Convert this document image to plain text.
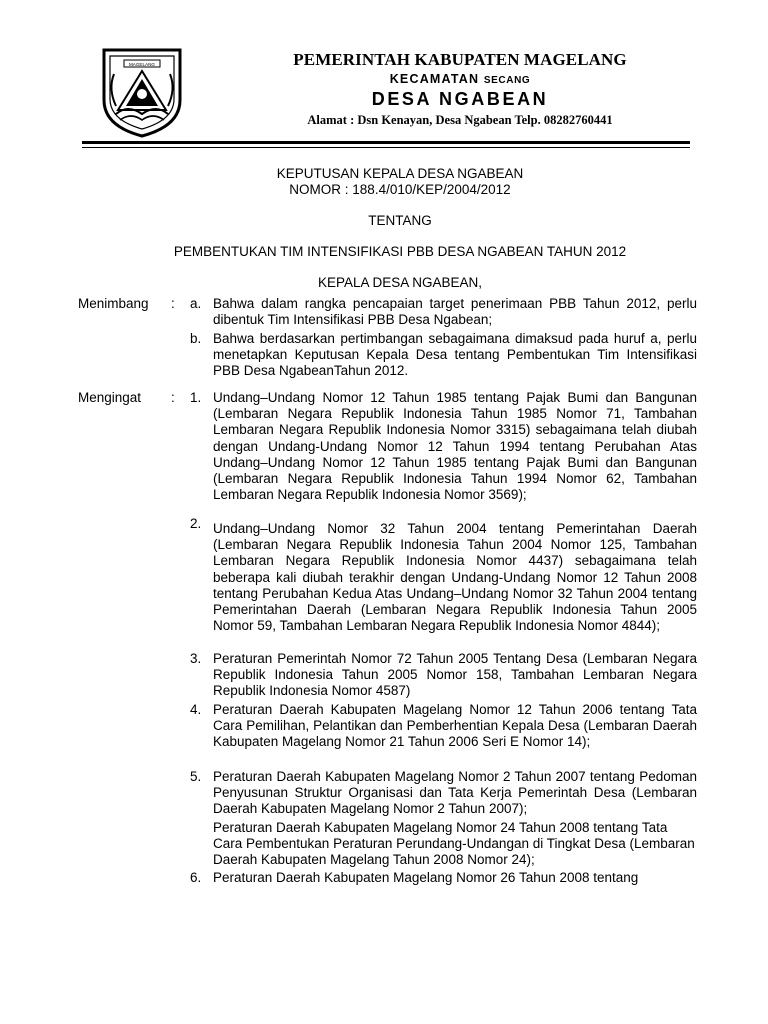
MAGELANG	PEMERINTAH KABUPATEN MAGELANG
KECAMATAN SECANG
DESA NGABEAN
Alamat : Dsn Kenayan, Desa Ngabean Telp. 08282760441
KEPUTUSAN KEPALA DESA NGABEAN
NOMOR : 188.4/010/KEP/2004/2012
TENTANG
PEMBENTUKAN TIM INTENSIFIKASI PBB DESA NGABEAN TAHUN 2012
KEPALA DESA NGABEAN,
Menimbang : a. Bahwa dalam rangka pencapaian target penerimaan PBB Tahun 2012, perlu dibentuk Tim Intensifikasi PBB Desa Ngabean;

b. Bahwa berdasarkan pertimbangan sebagaimana dimaksud pada huruf a, perlu menetapkan Keputusan Kepala Desa tentang Pembentukan Tim Intensifikasi PBB Desa NgabeanTahun 2012.

Mengingat : 1. Undang–Undang Nomor 12 Tahun 1985 tentang Pajak Bumi dan Bangunan (Lembaran Negara Republik Indonesia Tahun 1985 Nomor 71, Tambahan Lembaran Negara Republik Indonesia Nomor 3315) sebagaimana telah diubah dengan Undang-Undang Nomor 12 Tahun 1994 tentang Perubahan Atas Undang–Undang Nomor 12 Tahun 1985 tentang Pajak Bumi dan Bangunan (Lembaran Negara Republik Indonesia Tahun 1994 Nomor 62, Tambahan Lembaran Negara Republik Indonesia Nomor 3569);

2. Undang–Undang Nomor 32 Tahun 2004 tentang Pemerintahan Daerah (Lembaran Negara Republik Indonesia Tahun 2004 Nomor 125, Tambahan Lembaran Negara Republik Indonesia Nomor 4437) sebagaimana telah beberapa kali diubah terakhir dengan Undang-Undang Nomor 12 Tahun 2008 tentang Perubahan Kedua Atas Undang–Undang Nomor 32 Tahun 2004 tentang Pemerintahan Daerah (Lembaran Negara Republik Indonesia Tahun 2005 Nomor 59, Tambahan Lembaran Negara Republik Indonesia Nomor 4844);

3. Peraturan Pemerintah Nomor 72 Tahun 2005 Tentang Desa (Lembaran Negara Republik Indonesia Tahun 2005 Nomor 158, Tambahan Lembaran Negara Republik Indonesia Nomor 4587)

4. Peraturan Daerah Kabupaten Magelang Nomor 12 Tahun 2006 tentang Tata Cara Pemilihan, Pelantikan dan Pemberhentian Kepala Desa (Lembaran Daerah Kabupaten Magelang Nomor 21 Tahun 2006 Seri E Nomor 14);

5. Peraturan Daerah Kabupaten Magelang Nomor 2 Tahun 2007 tentang Pedoman Penyusunan Struktur Organisasi dan Tata Kerja Pemerintah Desa (Lembaran Daerah Kabupaten Magelang Nomor 2 Tahun 2007);

Peraturan Daerah Kabupaten Magelang Nomor 24 Tahun 2008 tentang Tata Cara Pembentukan Peraturan Perundang-Undangan di Tingkat Desa (Lembaran Daerah Kabupaten Magelang Tahun 2008 Nomor 24);

6. Peraturan Daerah Kabupaten Magelang Nomor 26 Tahun 2008 tentang
